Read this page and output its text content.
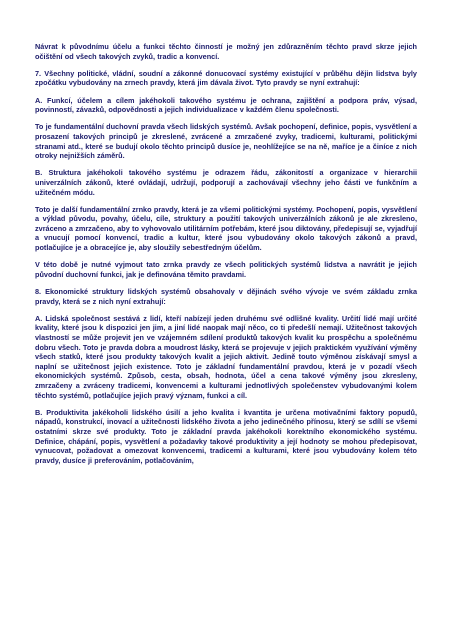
Návrat k původnímu účelu a funkci těchto činností je možný jen zdůrazněním těchto pravd skrze jejich očištění od všech takových zvyků, tradic a konvencí.

7. Všechny politické, vládní, soudní a zákonné donucovací systémy existující v průběhu dějin lidstva byly zpočátku vybudovány na zrnech pravdy, která jim dávala život. Tyto pravdy se nyní extrahují:

A. Funkcí, účelem a cílem jakéhokoli takového systému je ochrana, zajištění a podpora práv, výsad, povinností, závazků, odpovědnosti a jejich individualizace v každém členu společnosti.

To je fundamentální duchovní pravda všech lidských systémů. Avšak pochopení, definice, popis, vysvětlení a prosazení takových principů je zkreslené, zvrácené a zmrzačené zvyky, tradicemi, kulturami, politickými stranami atd., které se budují okolo těchto principů dusíce je, neohlížejíce se na ně, maříce je a činíce z nich otroky nejnižších záměrů.

B. Struktura jakéhokoli takového systému je odrazem řádu, zákonitostí a organizace v hierarchii univerzálních zákonů, které ovládají, udržují, podporují a zachovávají všechny jeho části ve funkčním a užitečném módu.

Toto je další fundamentální zrnko pravdy, která je za všemi politickými systémy. Pochopení, popis, vysvětlení a výklad původu, povahy, účelu, cíle, struktury a použití takových univerzálních zákonů je ale zkresleno, zvráceno a zmrzačeno, aby to vyhovovalo utilitárním potřebám, které jsou diktovány, předepisují se, vyjadřují a vnucují pomocí konvencí, tradic a kultur, které jsou vybudovány okolo takových zákonů a pravd, potlačujíce je a obracejíce je, aby sloužily sebestředným účelům.

V této době je nutné vyjmout tato zrnka pravdy ze všech politických systémů lidstva a navrátit je jejich původní duchovní funkci, jak je definována těmito pravdami.

8. Ekonomické struktury lidských systémů obsahovaly v dějinách svého vývoje ve svém základu zrnka pravdy, která se z nich nyní extrahují:

A. Lidská společnost sestává z lidí, kteří nabízejí jeden druhému své odlišné kvality. Určití lidé mají určité kvality, které jsou k dispozici jen jim, a jiní lidé naopak mají něco, co ti předešlí nemají. Užitečnost takových vlastností se může projevit jen ve vzájemném sdílení produktů takových kvalit ku prospěchu a společnému dobru všech. Toto je pravda dobra a moudrost lásky, která se projevuje v jejich praktickém využívání výměny všech statků, které jsou produkty takových kvalit a jejich aktivit. Jedině touto výměnou získávají smysl a naplní se užitečnost jejich existence. Toto je základní fundamentální pravdou, která je v pozadí všech ekonomických systémů. Způsob, cesta, obsah, hodnota, účel a cena takové výměny jsou zkresleny, zmrzačeny a zvráceny tradicemi, konvencemi a kulturami jednotlivých společenstev vybudovanými kolem těchto systémů, potlačujíce jejich pravý význam, funkci a cíl.

B. Produktivita jakékoholi lidského úsilí a jeho kvalita i kvantita je určena motivačními faktory popudů, nápadů, konstrukcí, inovací a užitečnosti lidského života a jeho jedinečného přínosu, který se sdílí se všemi ostatními skrze své produkty. Toto je základní pravda jakéhokoli korektního ekonomického systému. Definice, chápání, popis, vysvětlení a požadavky takové produktivity a její hodnoty se mohou předepisovat, vynucovat, požadovat a omezovat konvencemi, tradicemi a kulturami, které jsou vybudovány kolem této pravdy, dusíce ji preferováním, potlačováním,
